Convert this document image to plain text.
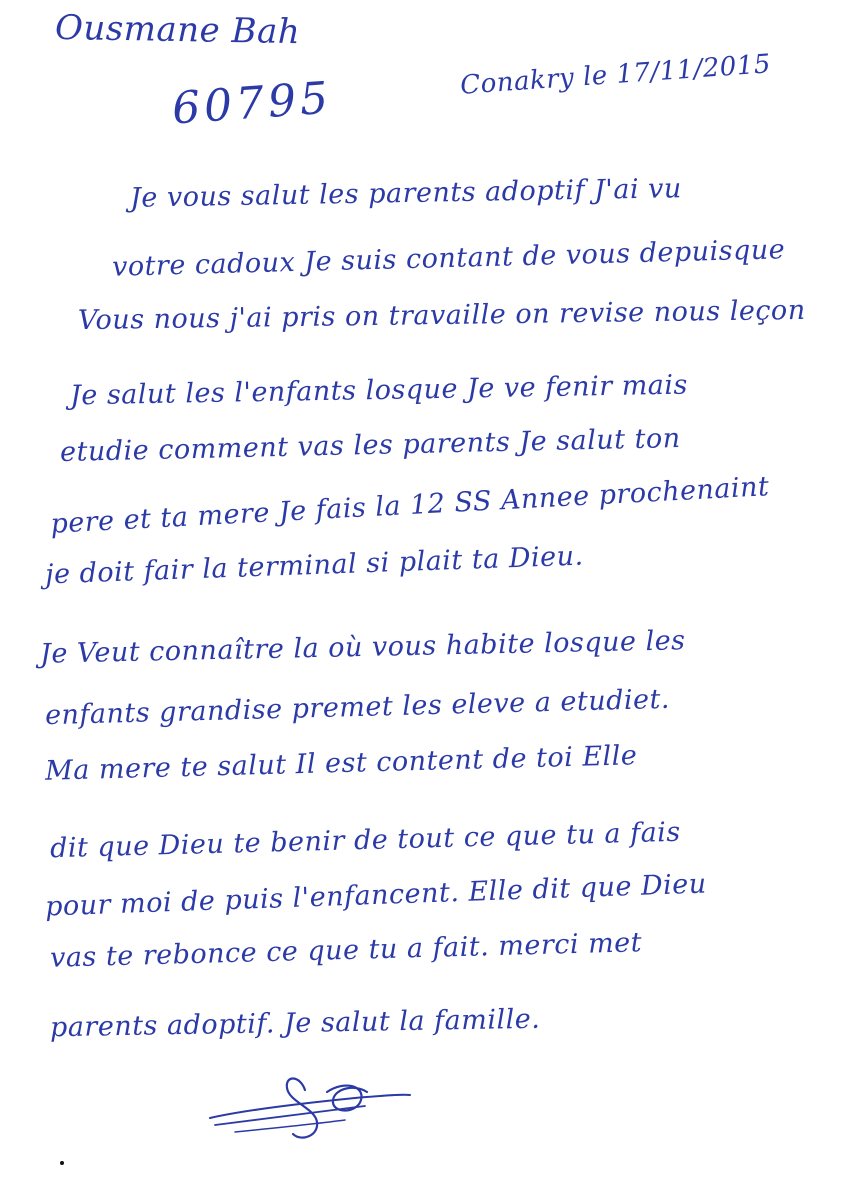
Ousmane Bah
60795	Conakry le 17/11/2015
Je vous salut les parents adoptif J'ai vu
votre cadoux Je suis contant de vous depuisque
Vous nous j'ai pris on travaille on revise nous leçon
Je salut les l'enfants losque Je ve fenir mais
etudie comment vas les parents Je salut ton
pere et ta mere Je fais la 12 SS Annee prochenaint
je doit fair la terminal si plait ta Dieu.
Je Veut connaître la où vous habite losque les
enfants grandise premet les eleve a etudiet.
Ma mere te salut Il est content de toi Elle
dit que Dieu te benir de tout ce que tu a fais
pour moi de puis l'enfancent. Elle dit que Dieu
vas te rebonce ce que tu a fait. merci met
parents adoptif. Je salut la famille.
